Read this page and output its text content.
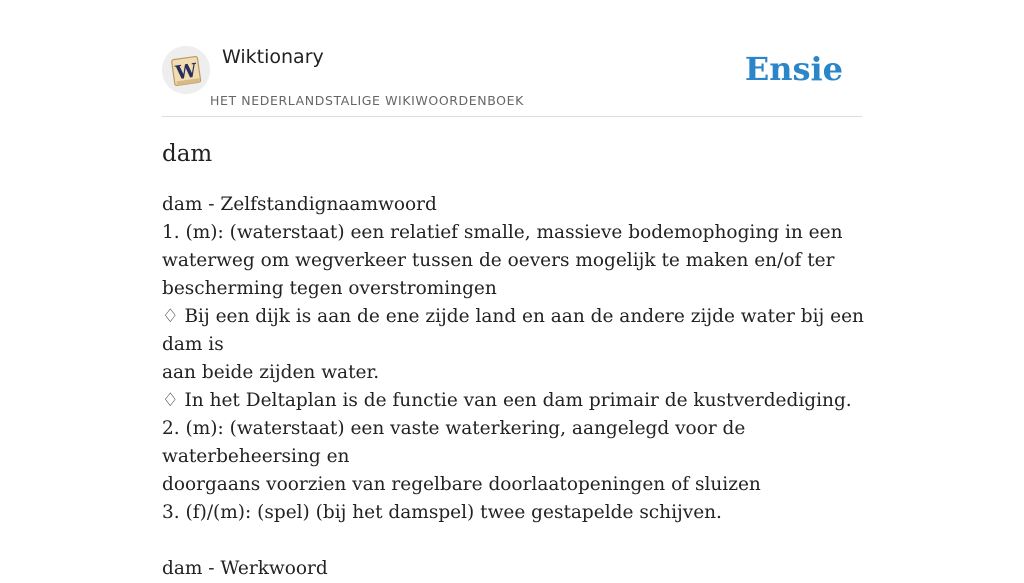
W
Wiktionary
HET NEDERLANDSTALIGE WIKIWOORDENBOEK
Ensie
dam

dam - Zelfstandignaamwoord

1. (m): (waterstaat) een relatief smalle, massieve bodemophoging in een

waterweg om wegverkeer tussen de oevers mogelijk te maken en/of ter

bescherming tegen overstromingen

♢ Bij een dijk is aan de ene zijde land en aan de andere zijde water bij een dam is

aan beide zijden water.

♢ In het Deltaplan is de functie van een dam primair de kustverdediging.

2. (m): (waterstaat) een vaste waterkering, aangelegd voor de waterbeheersing en

doorgaans voorzien van regelbare doorlaatopeningen of sluizen

3. (f)/(m): (spel) (bij het damspel) twee gestapelde schijven.

dam - Werkwoord
